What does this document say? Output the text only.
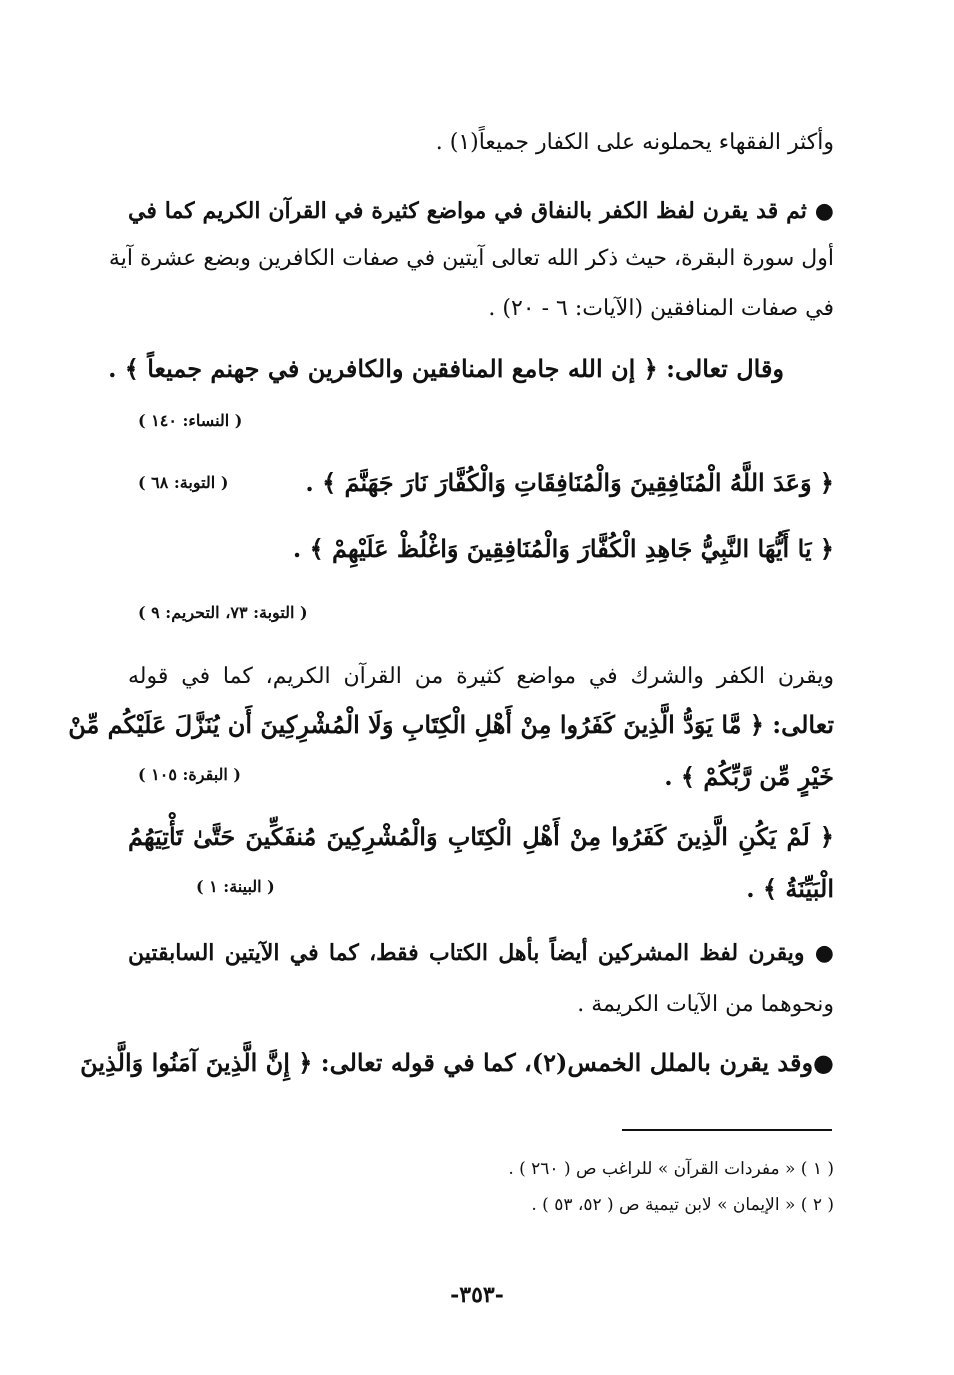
وأكثر الفقهاء يحملونه على الكفار جميعاً(١) .
● ثم قد يقرن لفظ الكفر بالنفاق في مواضع كثيرة في القرآن الكريم كما في
أول سورة البقرة، حيث ذكر الله تعالى آيتين في صفات الكافرين وبضع عشرة آية
في صفات المنافقين (الآيات: ٦ - ٢٠) .
وقال تعالى: ﴿ إن الله جامع المنافقين والكافرين في جهنم جميعاً ﴾ .
( النساء: ١٤٠ )
﴿ وَعَدَ اللَّهُ الْمُنَافِقِينَ وَالْمُنَافِقَاتِ وَالْكُفَّارَ نَارَ جَهَنَّمَ ﴾ .
( التوبة: ٦٨ )
﴿ يَا أَيُّهَا النَّبِيُّ جَاهِدِ الْكُفَّارَ وَالْمُنَافِقِينَ وَاغْلُظْ عَلَيْهِمْ ﴾ .
( التوبة: ٧٣، التحريم: ٩ )
ويقرن الكفر والشرك في مواضع كثيرة من القرآن الكريم، كما في قوله
تعالى: ﴿ مَّا يَوَدُّ الَّذِينَ كَفَرُوا مِنْ أَهْلِ الْكِتَابِ وَلَا الْمُشْرِكِينَ أَن يُنَزَّلَ عَلَيْكُم مِّنْ
خَيْرٍ مِّن رَّبِّكُمْ ﴾ .
( البقرة: ١٠٥ )
﴿ لَمْ يَكُنِ الَّذِينَ كَفَرُوا مِنْ أَهْلِ الْكِتَابِ وَالْمُشْرِكِينَ مُنفَكِّينَ حَتَّىٰ تَأْتِيَهُمُ
الْبَيِّنَةُ ﴾ .
( البينة: ١ )
● ويقرن لفظ المشركين أيضاً بأهل الكتاب فقط، كما في الآيتين السابقتين
ونحوهما من الآيات الكريمة .
●وقد يقرن بالملل الخمس(٢)، كما في قوله تعالى: ﴿ إِنَّ الَّذِينَ آمَنُوا وَالَّذِينَ
( ١ ) « مفردات القرآن » للراغب ص ( ٢٦٠ ) .
( ٢ ) « الإيمان » لابن تيمية ص ( ٥٢، ٥٣ ) .
-٣٥٣-
